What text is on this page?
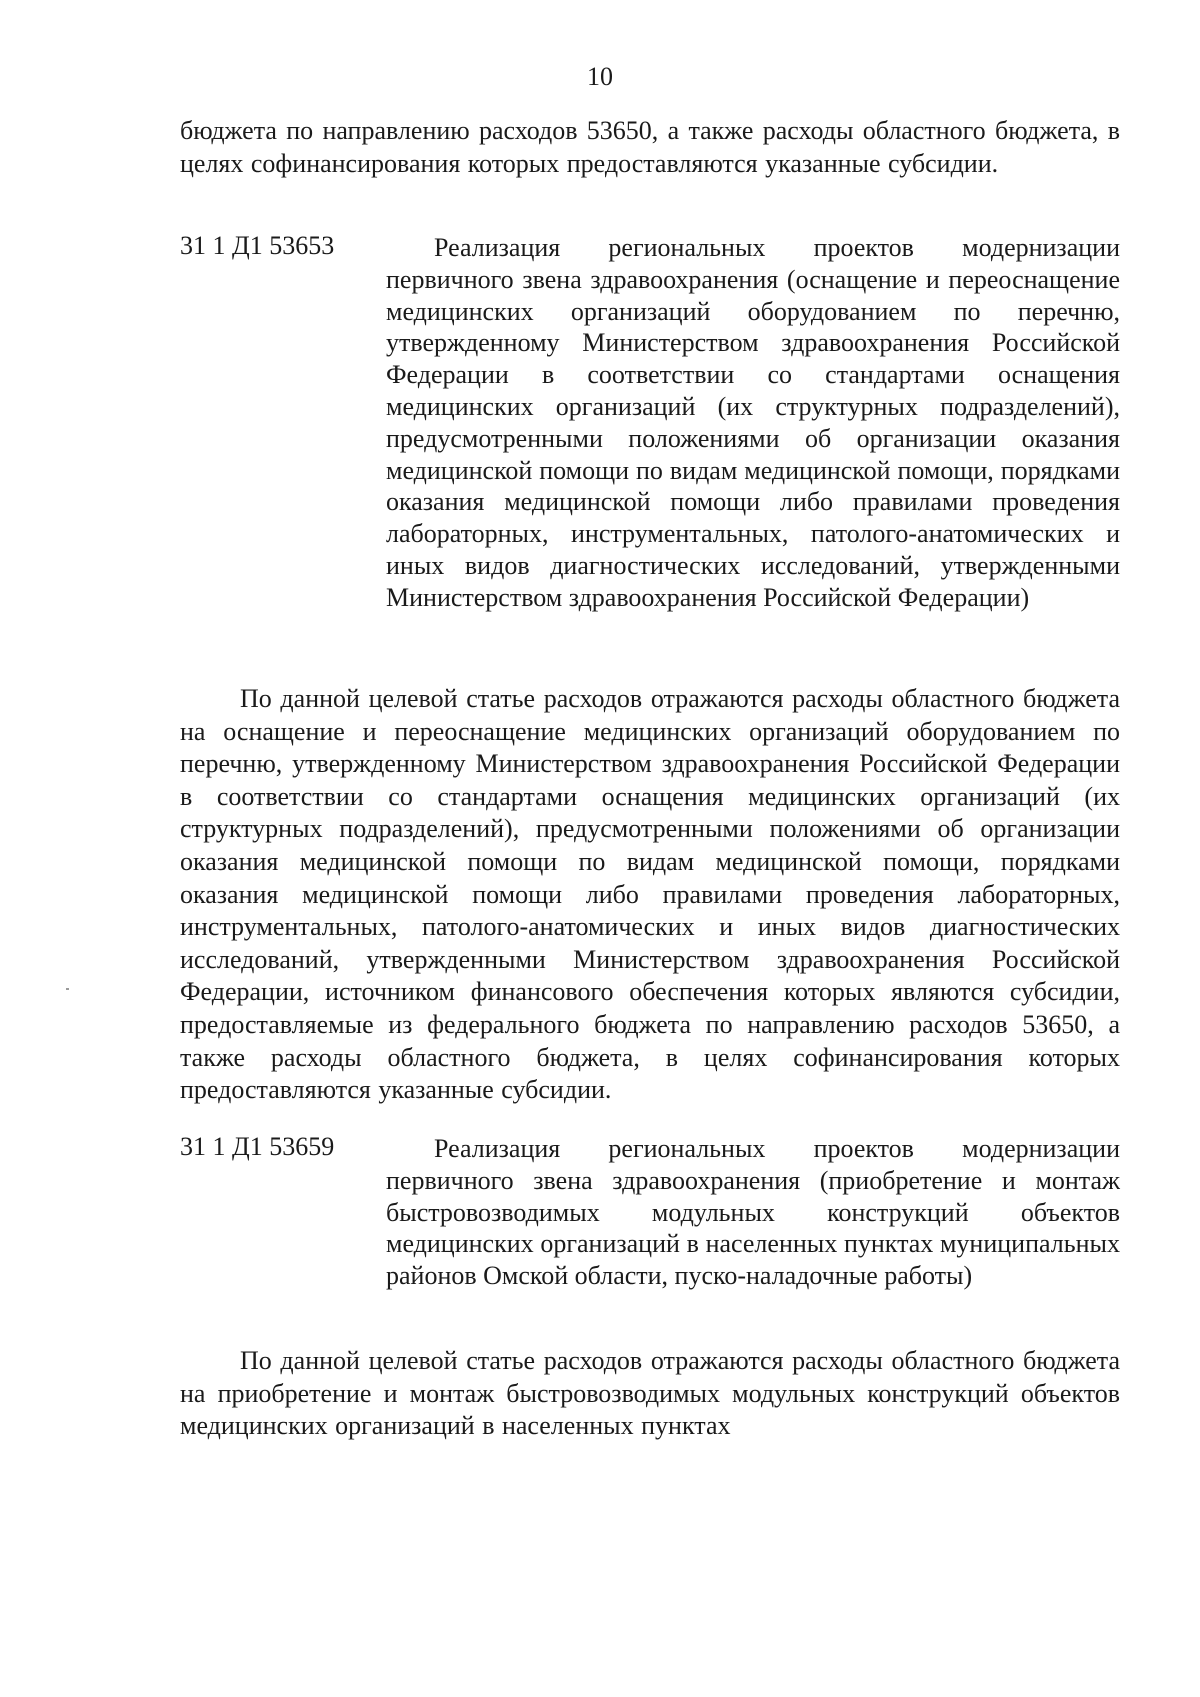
10
бюджета по направлению расходов 53650, а также расходы областного бюджета, в целях софинансирования которых предоставляются указанные субсидии.
31 1 Д1 53653	Реализация региональных проектов модернизации первичного звена здравоохранения (оснащение и переоснащение медицинских организаций оборудованием по перечню, утвержденному Министерством здравоохранения Российской Федерации в соответствии со стандартами оснащения медицинских организаций (их структурных подразделений), предусмотренными положениями об организации оказания медицинской помощи по видам медицинской помощи, порядками оказания медицинской помощи либо правилами проведения лабораторных, инструментальных, патолого-анатомических и иных видов диагностических исследований, утвержденными Министерством здравоохранения Российской Федерации)
По данной целевой статье расходов отражаются расходы областного бюджета на оснащение и переоснащение медицинских организаций оборудованием по перечню, утвержденному Министерством здравоохранения Российской Федерации в соответствии со стандартами оснащения медицинских организаций (их структурных подразделений), предусмотренными положениями об организации оказания медицинской помощи по видам медицинской помощи, порядками оказания медицинской помощи либо правилами проведения лабораторных, инструментальных, патолого-анатомических и иных видов диагностических исследований, утвержденными Министерством здравоохранения Российской Федерации, источником финансового обеспечения которых являются субсидии, предоставляемые из федерального бюджета по направлению расходов 53650, а также расходы областного бюджета, в целях софинансирования которых предоставляются указанные субсидии.
31 1 Д1 53659	Реализация региональных проектов модернизации первичного звена здравоохранения (приобретение и монтаж быстровозводимых модульных конструкций объектов медицинских организаций в населенных пунктах муниципальных районов Омской области, пуско-наладочные работы)
По данной целевой статье расходов отражаются расходы областного бюджета на приобретение и монтаж быстровозводимых модульных конструкций объектов медицинских организаций в населенных пунктах
